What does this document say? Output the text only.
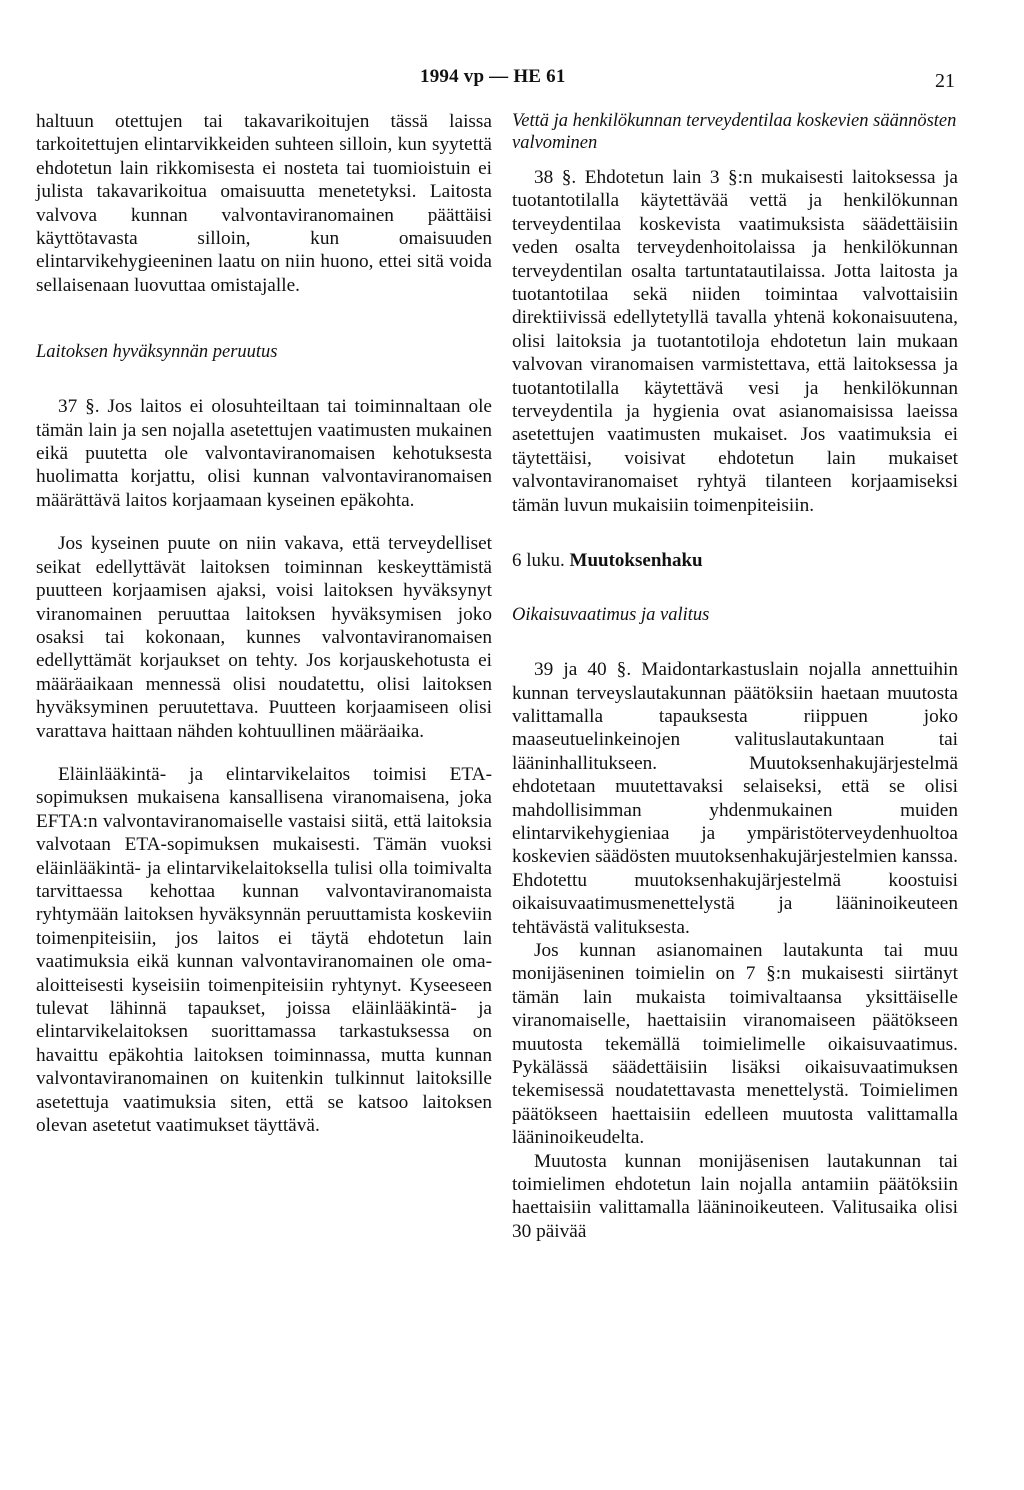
1994 vp — HE 61	21

haltuun otettujen tai takavarikoitujen tässä laissa tarkoitettujen elintarvikkeiden suhteen silloin, kun syytettä ehdotetun lain rikkomisesta ei nosteta tai tuomioistuin ei julista takavarikoitua omaisuutta menetetyksi. Laitosta valvova kunnan valvontaviranomainen päättäisi käyttötavasta silloin, kun omaisuuden elintarvikehygieeninen laatu on niin huono, ettei sitä voida sellaisenaan luovuttaa omistajalle.

Laitoksen hyväksynnän peruutus

37 §. Jos laitos ei olosuhteiltaan tai toiminnaltaan ole tämän lain ja sen nojalla asetettujen vaatimusten mukainen eikä puutetta ole valvontaviranomaisen kehotuksesta huolimatta korjattu, olisi kunnan valvontaviranomaisen määrättävä laitos korjaamaan kyseinen epäkohta.

Jos kyseinen puute on niin vakava, että terveydelliset seikat edellyttävät laitoksen toiminnan keskeyttämistä puutteen korjaamisen ajaksi, voisi laitoksen hyväksynyt viranomainen peruuttaa laitoksen hyväksymisen joko osaksi tai kokonaan, kunnes valvontaviranomaisen edellyttämät korjaukset on tehty. Jos korjauskehotusta ei määräaikaan mennessä olisi noudatettu, olisi laitoksen hyväksyminen peruutettava. Puutteen korjaamiseen olisi varattava haittaan nähden kohtuullinen määräaika.

Eläinlääkintä- ja elintarvikelaitos toimisi ETA-sopimuksen mukaisena kansallisena viranomaisena, joka EFTA:n valvontaviranomaiselle vastaisi siitä, että laitoksia valvotaan ETA-sopimuksen mukaisesti. Tämän vuoksi eläinlääkintä- ja elintarvikelaitoksella tulisi olla toimivalta tarvittaessa kehottaa kunnan valvontaviranomaista ryhtymään laitoksen hyväksynnän peruuttamista koskeviin toimenpiteisiin, jos laitos ei täytä ehdotetun lain vaatimuksia eikä kunnan valvontaviranomainen ole oma-aloitteisesti kyseisiin toimenpiteisiin ryhtynyt. Kyseeseen tulevat lähinnä tapaukset, joissa eläinlääkintä- ja elintarvikelaitoksen suorittamassa tarkastuksessa on havaittu epäkohtia laitoksen toiminnassa, mutta kunnan valvontaviranomainen on kuitenkin tulkinnut laitoksille asetettuja vaatimuksia siten, että se katsoo laitoksen olevan asetetut vaatimukset täyttävä.

Vettä ja henkilökunnan terveydentilaa koskevien säännösten valvominen

38 §. Ehdotetun lain 3 §:n mukaisesti laitoksessa ja tuotantotilalla käytettävää vettä ja henkilökunnan terveydentilaa koskevista vaatimuksista säädettäisiin veden osalta terveydenhoitolaissa ja henkilökunnan terveydentilan osalta tartuntatautilaissa. Jotta laitosta ja tuotantotilaa sekä niiden toimintaa valvottaisiin direktiivissä edellytetyllä tavalla yhtenä kokonaisuutena, olisi laitoksia ja tuotantotiloja ehdotetun lain mukaan valvovan viranomaisen varmistettava, että laitoksessa ja tuotantotilalla käytettävä vesi ja henkilökunnan terveydentila ja hygienia ovat asianomaisissa laeissa asetettujen vaatimusten mukaiset. Jos vaatimuksia ei täytettäisi, voisivat ehdotetun lain mukaiset valvontaviranomaiset ryhtyä tilanteen korjaamiseksi tämän luvun mukaisiin toimenpiteisiin.

6 luku. Muutoksenhaku
Oikaisuvaatimus ja valitus

39 ja 40 §. Maidontarkastuslain nojalla annettuihin kunnan terveyslautakunnan päätöksiin haetaan muutosta valittamalla tapauksesta riippuen joko maaseutuelinkeinojen valituslautakuntaan tai lääninhallitukseen. Muutoksenhakujärjestelmä ehdotetaan muutettavaksi selaiseksi, että se olisi mahdollisimman yhdenmukainen muiden elintarvikehygieniaa ja ympäristöterveydenhuoltoa koskevien säädösten muutoksenhakujärjestelmien kanssa. Ehdotettu muutoksenhakujärjestelmä koostuisi oikaisuvaatimusmenettelystä ja lääninoikeuteen tehtävästä valituksesta.

Jos kunnan asianomainen lautakunta tai muu monijäseninen toimielin on 7 §:n mukaisesti siirtänyt tämän lain mukaista toimivaltaansa yksittäiselle viranomaiselle, haettaisiin viranomaiseen päätökseen muutosta tekemällä toimielimelle oikaisuvaatimus. Pykälässä säädettäisiin lisäksi oikaisuvaatimuksen tekemisessä noudatettavasta menettelystä. Toimielimen päätökseen haettaisiin edelleen muutosta valittamalla lääninoikeudelta.

Muutosta kunnan monijäsenisen lautakunnan tai toimielimen ehdotetun lain nojalla antamiin päätöksiin haettaisiin valittamalla lääninoikeuteen. Valitusaika olisi 30 päivää
